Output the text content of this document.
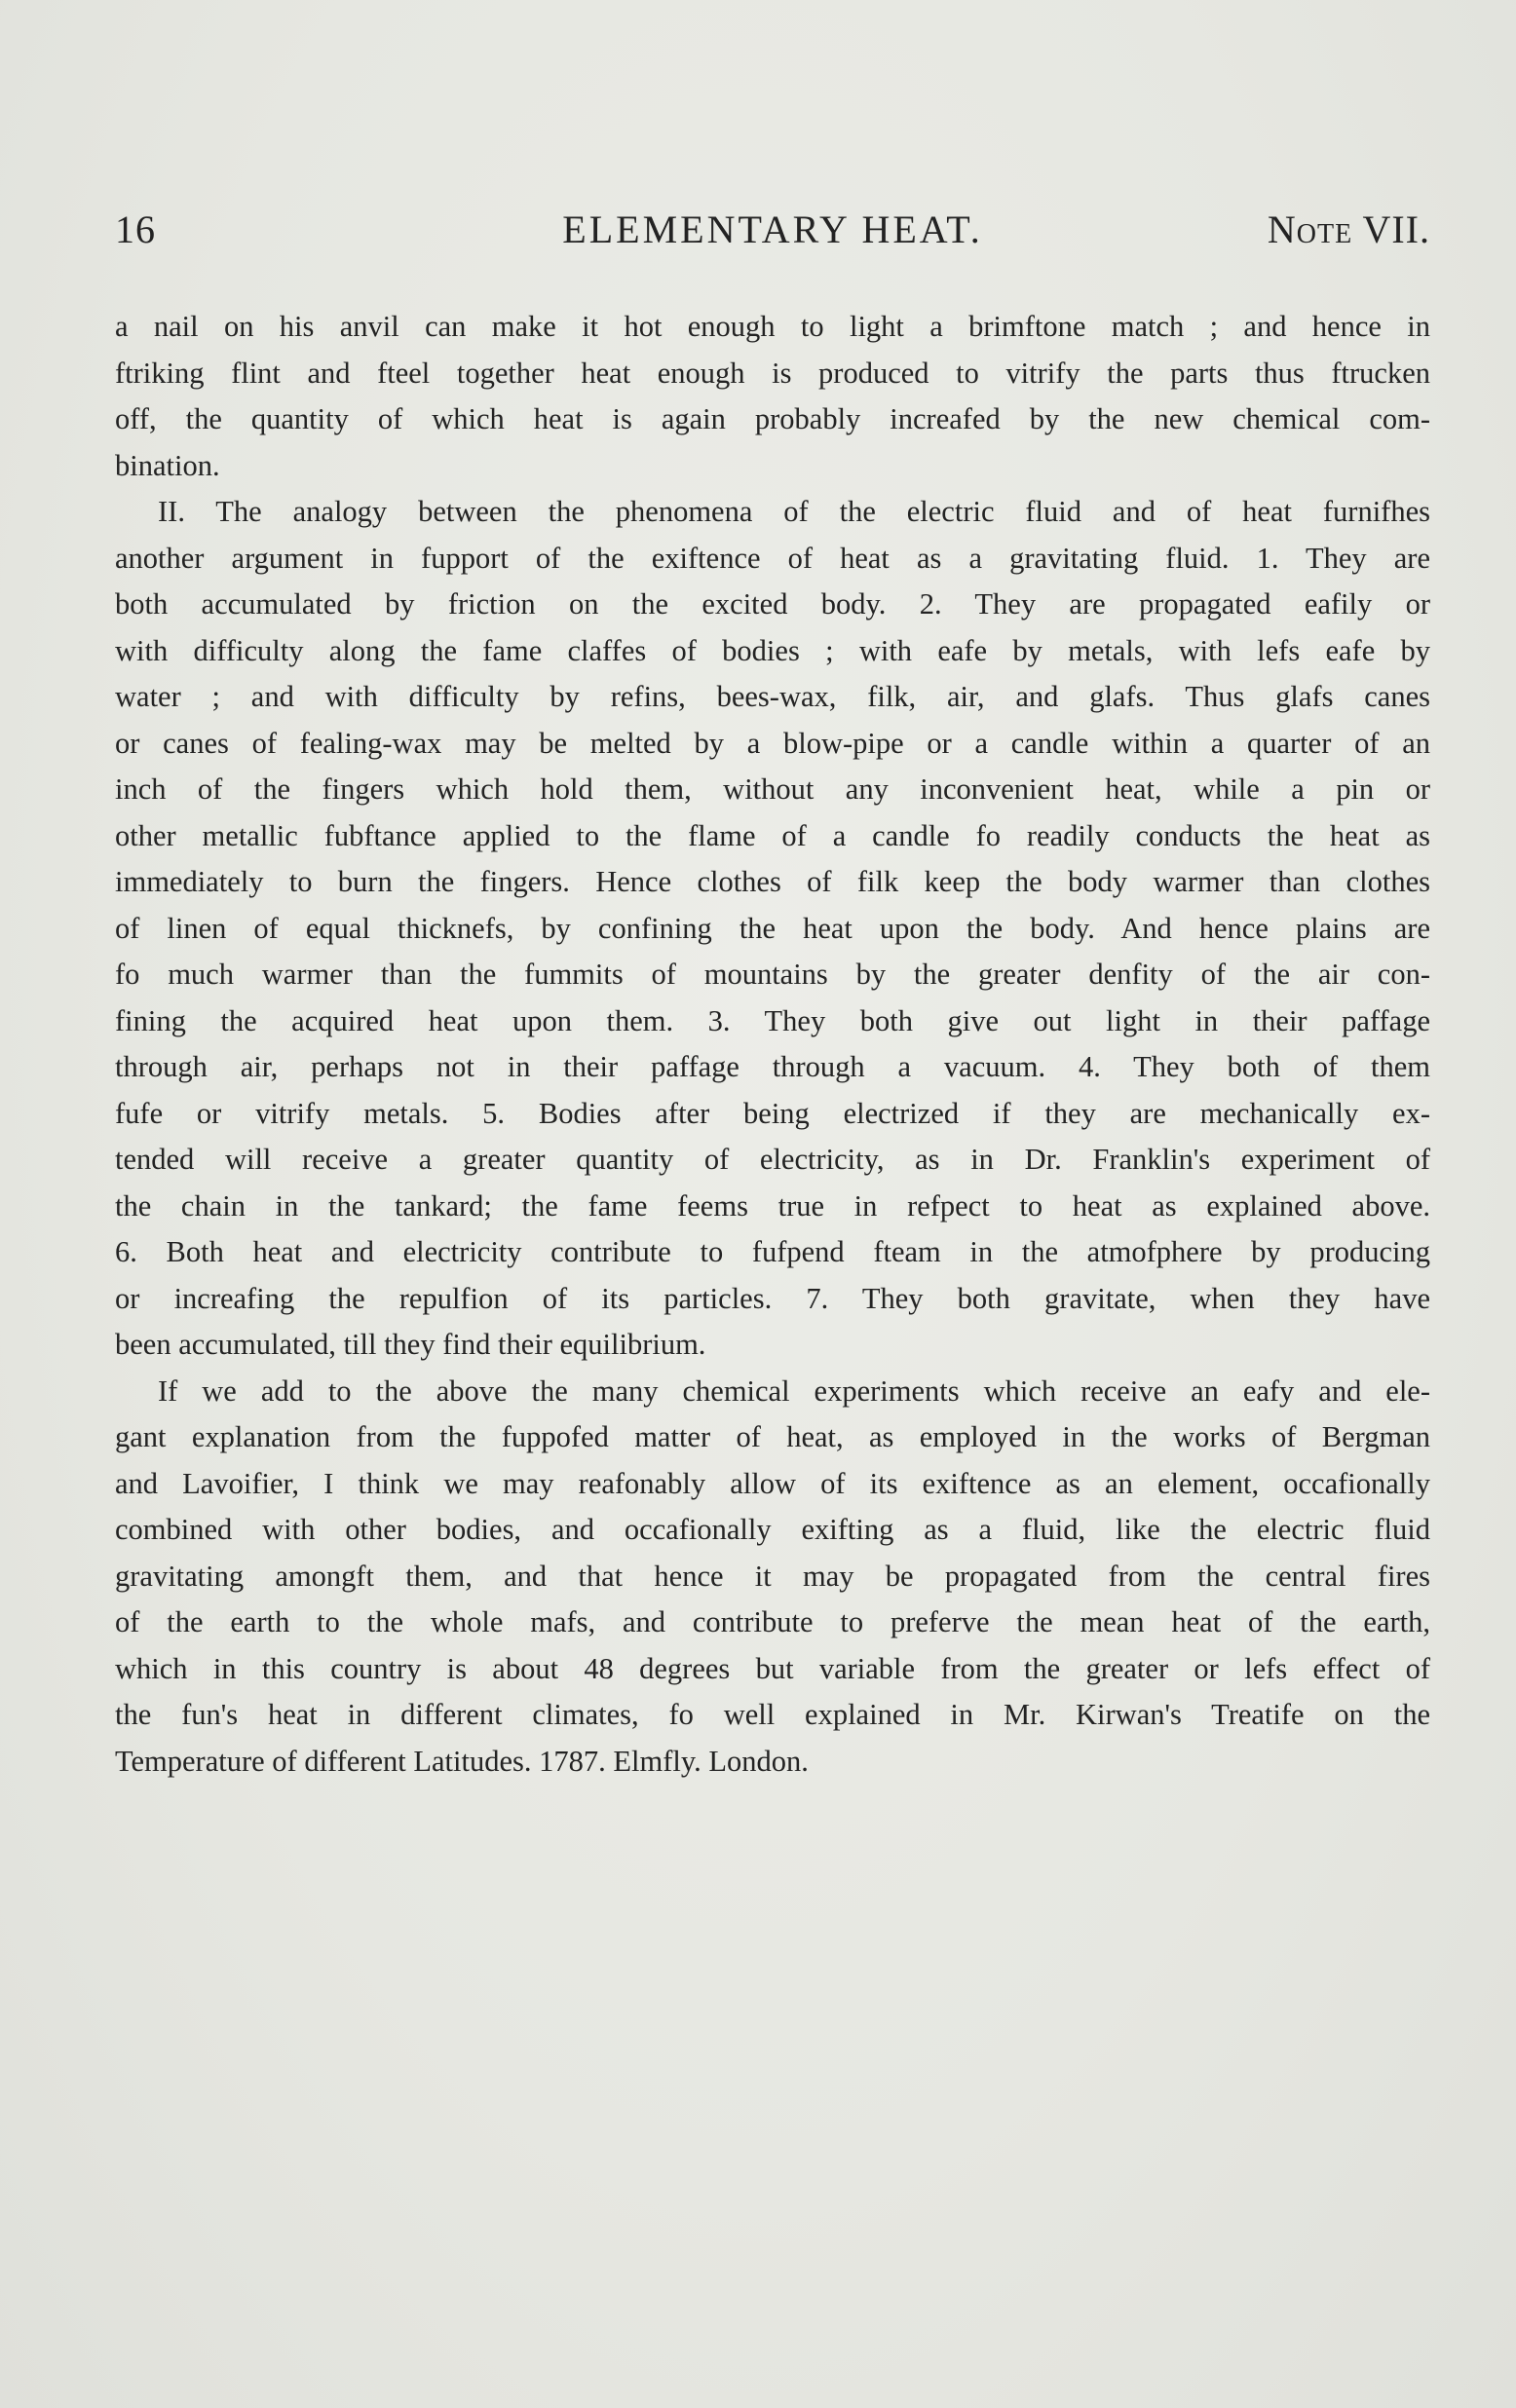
16	ELEMENTARY HEAT.	Note VII.

a nail on his anvil can make it hot enough to light a brimftone match ; and hence in
ftriking flint and fteel together heat enough is produced to vitrify the parts thus ftrucken
off, the quantity of which heat is again probably increafed by the new chemical com-
bination.

II. The analogy between the phenomena of the electric fluid and of heat furnifhes
another argument in fupport of the exiftence of heat as a gravitating fluid. 1. They are
both accumulated by friction on the excited body. 2. They are propagated eafily or
with difficulty along the fame claffes of bodies ; with eafe by metals, with lefs eafe by
water ; and with difficulty by refins, bees-wax, filk, air, and glafs. Thus glafs canes
or canes of fealing-wax may be melted by a blow-pipe or a candle within a quarter of an
inch of the fingers which hold them, without any inconvenient heat, while a pin or
other metallic fubftance applied to the flame of a candle fo readily conducts the heat as
immediately to burn the fingers. Hence clothes of filk keep the body warmer than clothes
of linen of equal thicknefs, by confining the heat upon the body. And hence plains are
fo much warmer than the fummits of mountains by the greater denfity of the air con-
fining the acquired heat upon them. 3. They both give out light in their paffage
through air, perhaps not in their paffage through a vacuum. 4. They both of them
fufe or vitrify metals. 5. Bodies after being electrized if they are mechanically ex-
tended will receive a greater quantity of electricity, as in Dr. Franklin's experiment of
the chain in the tankard; the fame feems true in refpect to heat as explained above.
6. Both heat and electricity contribute to fufpend fteam in the atmofphere by producing
or increafing the repulfion of its particles. 7. They both gravitate, when they have
been accumulated, till they find their equilibrium.

If we add to the above the many chemical experiments which receive an eafy and ele-
gant explanation from the fuppofed matter of heat, as employed in the works of Bergman
and Lavoifier, I think we may reafonably allow of its exiftence as an element, occafionally
combined with other bodies, and occafionally exifting as a fluid, like the electric fluid
gravitating amongft them, and that hence it may be propagated from the central fires
of the earth to the whole mafs, and contribute to preferve the mean heat of the earth,
which in this country is about 48 degrees but variable from the greater or lefs effect of
the fun's heat in different climates, fo well explained in Mr. Kirwan's Treatife on the
Temperature of different Latitudes. 1787. Elmfly. London.
